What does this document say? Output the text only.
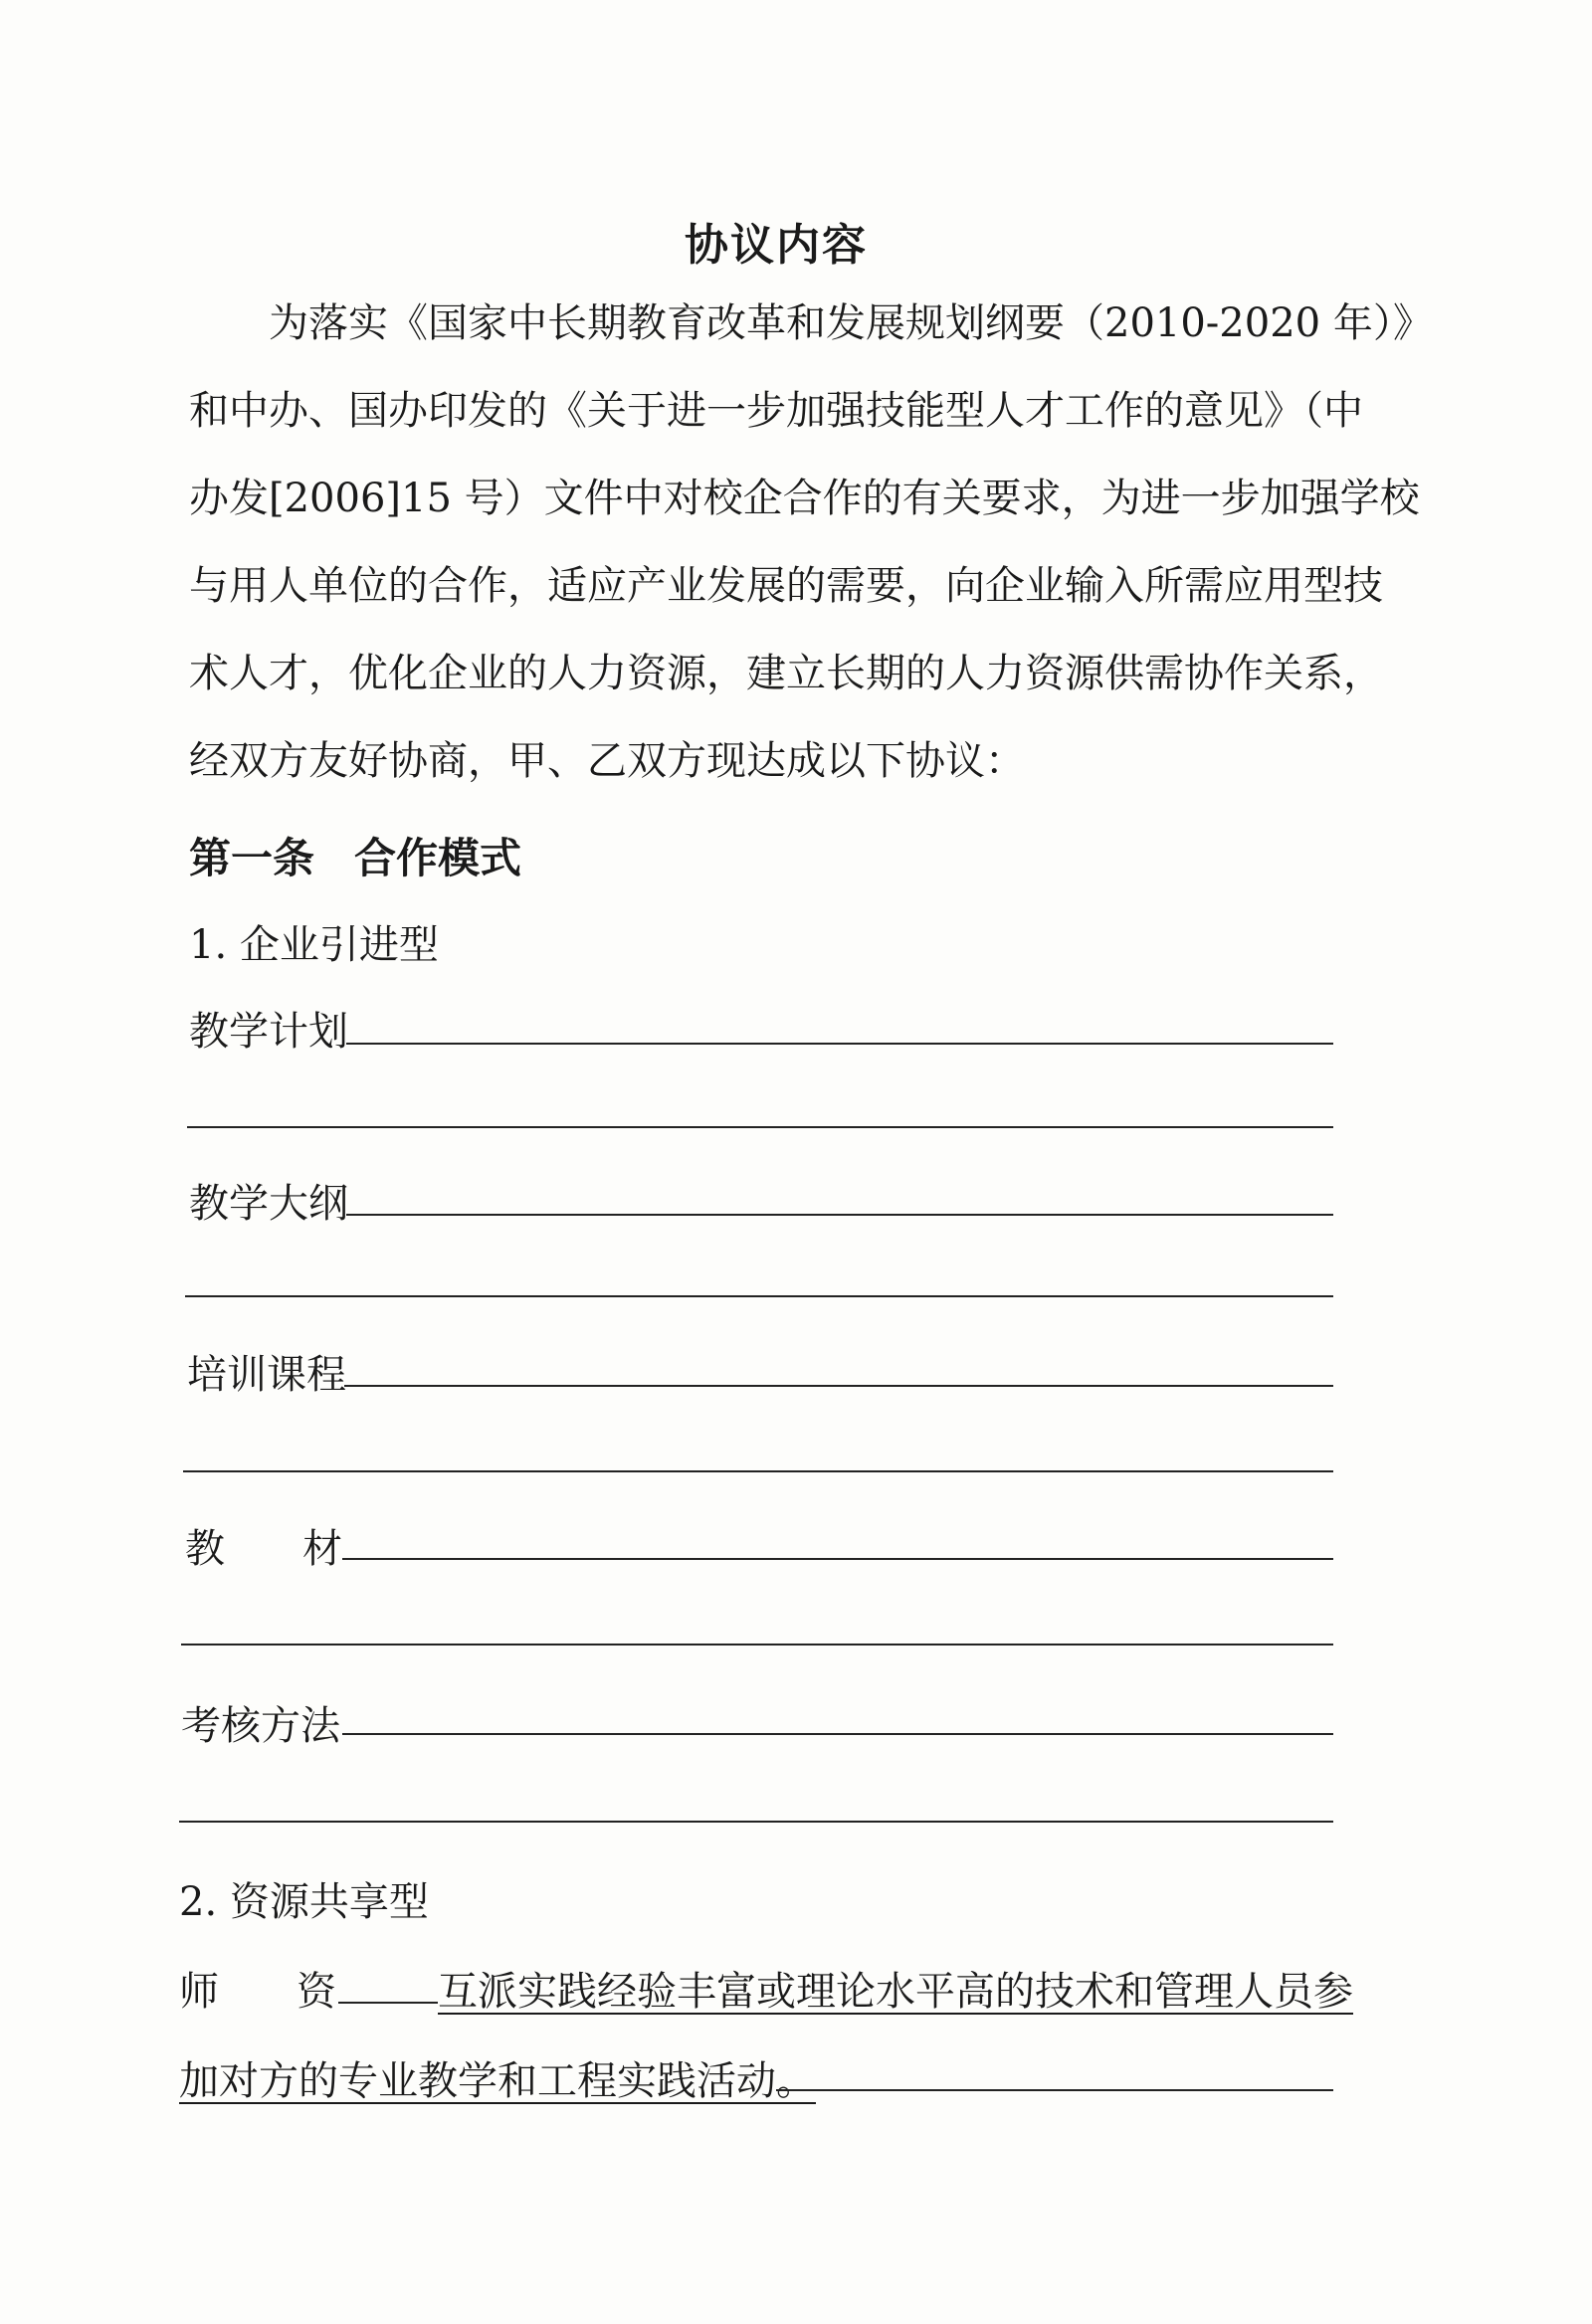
协议内容
为落实《国家中长期教育改革和发展规划纲要（2010-2020 年）》
和中办、国办印发的《关于进一步加强技能型人才工作的意见》（中
办发[2006]15 号）文件中对校企合作的有关要求，为进一步加强学校
与用人单位的合作，适应产业发展的需要，向企业输入所需应用型技
术人才，优化企业的人力资源，建立长期的人力资源供需协作关系，
经双方友好协商，甲、乙双方现达成以下协议：
第一条 合作模式
1. 企业引进型
教学计划
教学大纲
培训课程
教 材
考核方法
2. 资源共享型
师 资	互派实践经验丰富或理论水平高的技术和管理人员参
加对方的专业教学和工程实践活动。
